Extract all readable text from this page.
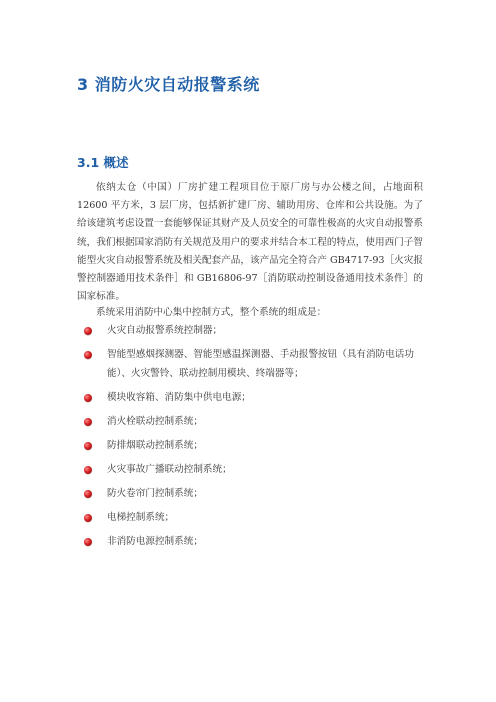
3 消防火灾自动报警系统
3.1 概述

依纳太仓（中国）厂房扩建工程项目位于原厂房与办公楼之间，占地面积 12600 平方米，3 层厂房，包括新扩建厂房、辅助用房、仓库和公共设施。为了给该建筑考虑设置一套能够保证其财产及人员安全的可靠性极高的火灾自动报警系统，我们根据国家消防有关规范及用户的要求并结合本工程的特点，使用西门子智能型火灾自动报警系统及相关配套产品，该产品完全符合产 GB4717-93［火灾报警控制器通用技术条件］和 GB16806-97［消防联动控制设备通用技术条件］的国家标准。

系统采用消防中心集中控制方式，整个系统的组成是：
火灾自动报警系统控制器；
智能型感烟探测器、智能型感温探测器、手动报警按钮（具有消防电话功能）、火灾警铃、联动控制用模块、终端器等；
模块收容箱、消防集中供电电源；
消火栓联动控制系统；
防排烟联动控制系统；
火灾事故广播联动控制系统；
防火卷帘门控制系统；
电梯控制系统；
非消防电源控制系统；
